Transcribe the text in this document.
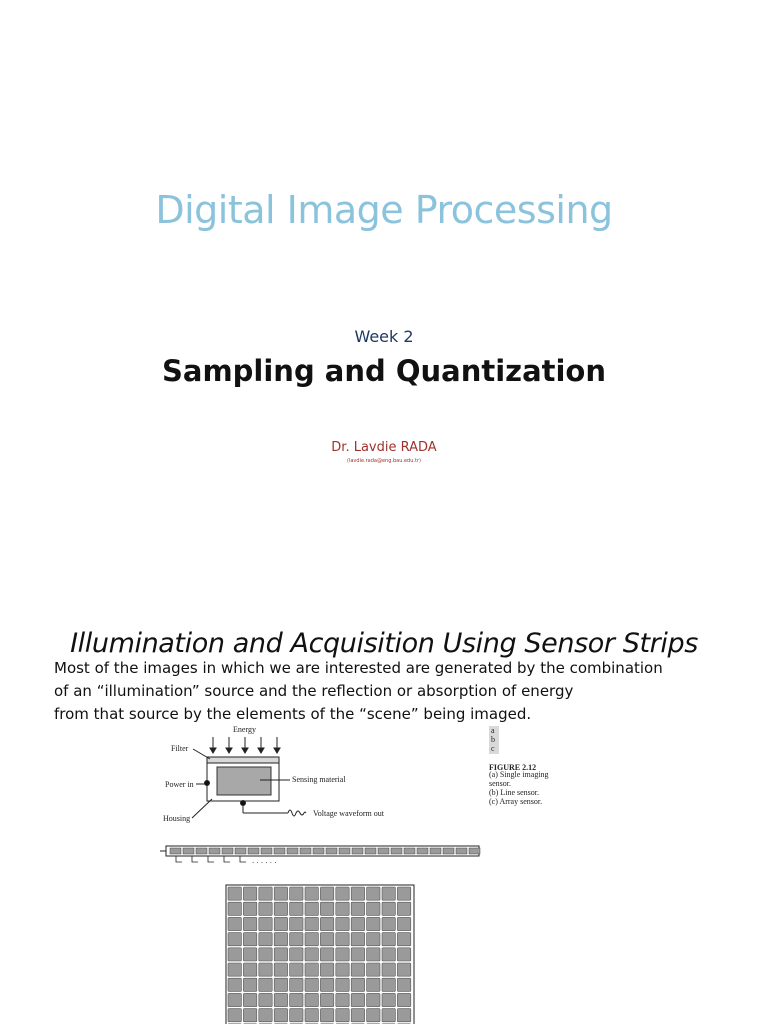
Digital Image Processing
Week 2
Sampling and Quantization
Dr. Lavdie RADA
(lavdie.rada@eng.bau.edu.tr)
Illumination and Acquisition Using Sensor Strips
Most of the images in which we are interested are generated by the combination
of an “illumination” source and the reflection or absorption of energy
from that source by the elements of the “scene” being imaged.
Energy
Filter
Power in
Housing
Sensing material
Voltage waveform out
. . . . . .
a
b
c
FIGURE 2.12
(a) Single imaging
sensor.
(b) Line sensor.
(c) Array sensor.
